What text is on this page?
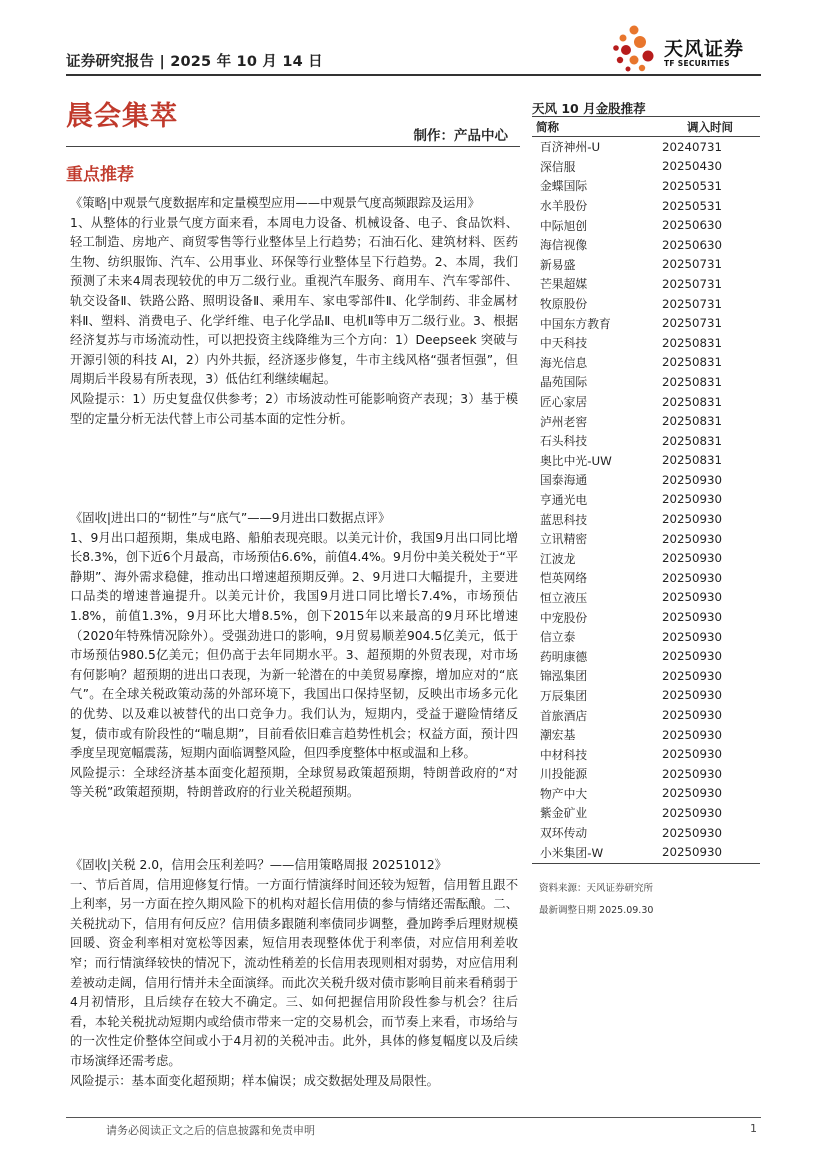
证券研究报告 | 2025 年 10 月 14 日
天风证券
TF SECURITIES
晨会集萃
制作：产品中心
重点推荐

《策略|中观景气度数据库和定量模型应用——中观景气度高频跟踪及运用》

1、从整体的行业景气度方面来看，本周电力设备、机械设备、电子、食品饮料、轻工制造、房地产、商贸零售等行业整体呈上行趋势；石油石化、建筑材料、医药生物、纺织服饰、汽车、公用事业、环保等行业整体呈下行趋势。2、本周，我们预测了未来4周表现较优的申万二级行业。重视汽车服务、商用车、汽车零部件、轨交设备Ⅱ、铁路公路、照明设备Ⅱ、乘用车、家电零部件Ⅱ、化学制药、非金属材料Ⅱ、塑料、消费电子、化学纤维、电子化学品Ⅱ、电机Ⅱ等申万二级行业。3、根据经济复苏与市场流动性，可以把投资主线降维为三个方向：1）Deepseek 突破与开源引领的科技 AI，2）内外共振，经济逐步修复，牛市主线风格“强者恒强”，但周期后半段易有所表现，3）低估红利继续崛起。

风险提示：1）历史复盘仅供参考；2）市场波动性可能影响资产表现；3）基于模型的定量分析无法代替上市公司基本面的定性分析。

《固收|进出口的“韧性”与“底气”——9月进出口数据点评》

1、9月出口超预期，集成电路、船舶表现亮眼。以美元计价，我国9月出口同比增长8.3%，创下近6个月最高，市场预估6.6%，前值4.4%。9月份中美关税处于“平静期”、海外需求稳健，推动出口增速超预期反弹。2、9月进口大幅提升，主要进口品类的增速普遍提升。以美元计价，我国9月进口同比增长7.4%，市场预估1.8%，前值1.3%，9月环比大增8.5%，创下2015年以来最高的9月环比增速（2020年特殊情况除外）。受强劲进口的影响，9月贸易顺差904.5亿美元，低于市场预估980.5亿美元；但仍高于去年同期水平。3、超预期的外贸表现，对市场有何影响？超预期的进出口表现，为新一轮潜在的中美贸易摩擦，增加应对的“底气”。在全球关税政策动荡的外部环境下，我国出口保持坚韧，反映出市场多元化的优势、以及难以被替代的出口竞争力。我们认为，短期内，受益于避险情绪反复，债市或有阶段性的“喘息期”，目前看依旧难言趋势性机会；权益方面，预计四季度呈现宽幅震荡，短期内面临调整风险，但四季度整体中枢或温和上移。

风险提示：全球经济基本面变化超预期，全球贸易政策超预期，特朗普政府的“对等关税”政策超预期，特朗普政府的行业关税超预期。

《固收|关税 2.0，信用会压利差吗？——信用策略周报 20251012》

一、节后首周，信用迎修复行情。一方面行情演绎时间还较为短暂，信用暂且跟不上利率，另一方面在控久期风险下的机构对超长信用债的参与情绪还需酝酿。二、关税扰动下，信用有何反应？信用债多跟随利率债同步调整，叠加跨季后理财规模回暖、资金利率相对宽松等因素，短信用表现整体优于利率债，对应信用利差收窄；而行情演绎较快的情况下，流动性稍差的长信用表现则相对弱势，对应信用利差被动走阔，信用行情并未全面演绎。而此次关税升级对债市影响目前来看稍弱于4月初情形，且后续存在较大不确定。三、如何把握信用阶段性参与机会？往后看，本轮关税扰动短期内或给债市带来一定的交易机会，而节奏上来看，市场给与的一次性定价整体空间或小于4月初的关税冲击。此外，具体的修复幅度以及后续市场演绎还需考虑。

风险提示：基本面变化超预期；样本偏误；成交数据处理及局限性。

天风 10 月金股推荐
简称	调入时间
百济神州-U	20240731
深信服	20250430
金蝶国际	20250531
水羊股份	20250531
中际旭创	20250630
海信视像	20250630
新易盛	20250731
芒果超媒	20250731
牧原股份	20250731
中国东方教育	20250731
中天科技	20250831
海光信息	20250831
晶苑国际	20250831
匠心家居	20250831
泸州老窖	20250831
石头科技	20250831
奥比中光-UW	20250831
国泰海通	20250930
亨通光电	20250930
蓝思科技	20250930
立讯精密	20250930
江波龙	20250930
恺英网络	20250930
恒立液压	20250930
中宠股份	20250930
信立泰	20250930
药明康德	20250930
锦泓集团	20250930
万辰集团	20250930
首旅酒店	20250930
潮宏基	20250930
中材科技	20250930
川投能源	20250930
物产中大	20250930
紫金矿业	20250930
双环传动	20250930
小米集团-W	20250930
资料来源：天风证券研究所
最新调整日期 2025.09.30
请务必阅读正文之后的信息披露和免责申明	1
